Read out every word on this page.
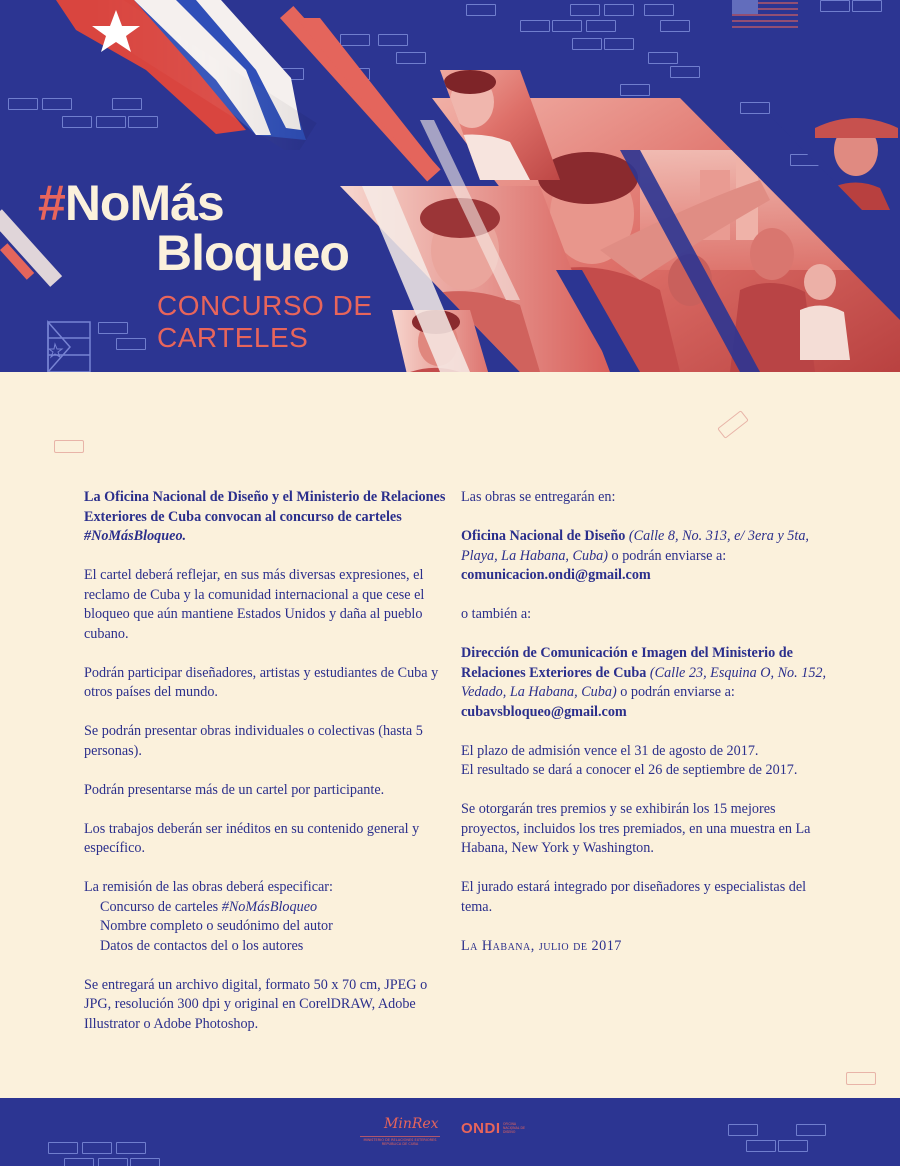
#NoMás
Bloqueo
CONCURSO DE
CARTELES

La Oficina Nacional de Diseño y el Ministerio de Relaciones Exteriores de Cuba convocan al concurso de carteles #NoMásBloqueo.

El cartel deberá reflejar, en sus más diversas expresiones, el reclamo de Cuba y la comunidad internacional a que cese el bloqueo que aún mantiene Estados Unidos y daña al pueblo cubano.

Podrán participar diseñadores, artistas y estudiantes de Cuba y otros países del mundo.

Se podrán presentar obras individuales o colectivas (hasta 5 personas).

Podrán presentarse más de un cartel por participante.

Los trabajos deberán ser inéditos en su contenido general y específico.

La remisión de las obras deberá especificar:
Concurso de carteles #NoMásBloqueo
Nombre completo o seudónimo del autor
Datos de contactos del o los autores

Se entregará un archivo digital, formato 50 x 70 cm, JPEG o JPG, resolución 300 dpi y original en CorelDRAW, Adobe Illustrator o Adobe Photoshop.

Las obras se entregarán en:

Oficina Nacional de Diseño (Calle 8, No. 313, e/ 3era y 5ta, Playa, La Habana, Cuba) o podrán enviarse a:
comunicacion.ondi@gmail.com

o también a:

Dirección de Comunicación e Imagen del Ministerio de Relaciones Exteriores de Cuba (Calle 23, Esquina O, No. 152, Vedado, La Habana, Cuba) o podrán enviarse a: cubavsbloqueo@gmail.com

El plazo de admisión vence el 31 de agosto de 2017.
El resultado se dará a conocer el 26 de septiembre de 2017.

Se otorgarán tres premios y se exhibirán los 15 mejores proyectos, incluidos los tres premiados, en una muestra en La Habana, New York y Washington.

El jurado estará integrado por diseñadores y especialistas del tema.

La Habana, julio de 2017

MinRex
MINISTERIO DE RELACIONES EXTERIORES REPÚBLICA DE CUBA
ONDI OFICINA NACIONAL DE DISEÑO
